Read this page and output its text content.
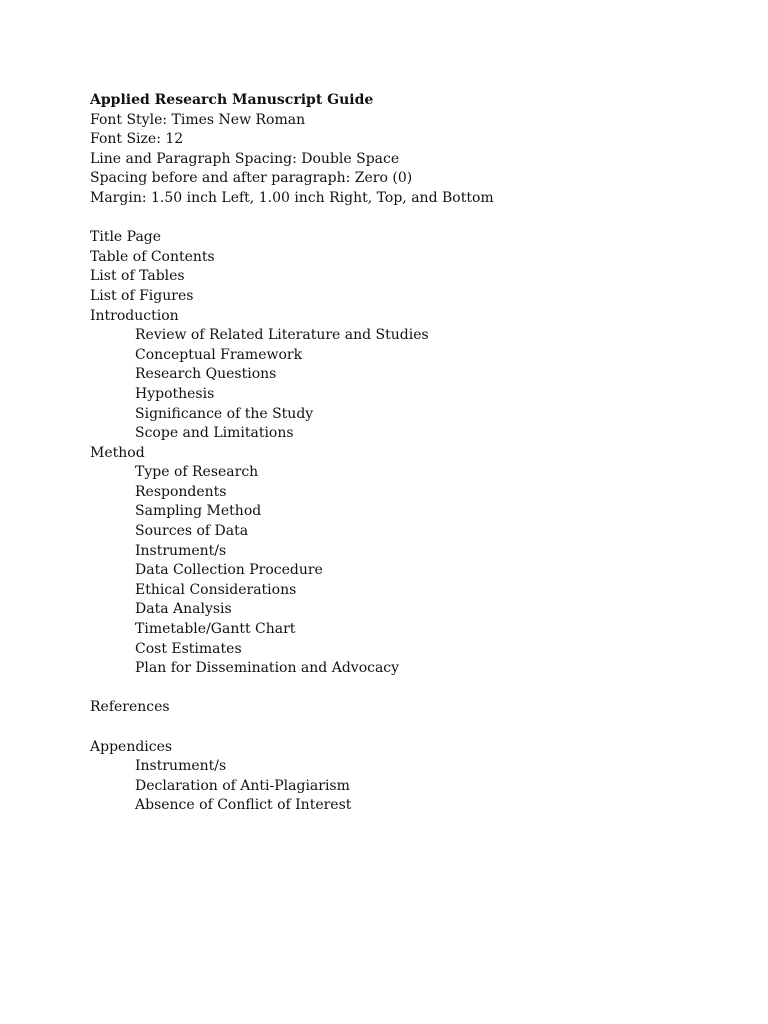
Applied Research Manuscript Guide
Font Style: Times New Roman
Font Size: 12
Line and Paragraph Spacing: Double Space
Spacing before and after paragraph: Zero (0)
Margin: 1.50 inch Left, 1.00 inch Right, Top, and Bottom
Title Page
Table of Contents
List of Tables
List of Figures
Introduction
Review of Related Literature and Studies
Conceptual Framework
Research Questions
Hypothesis
Significance of the Study
Scope and Limitations
Method
Type of Research
Respondents
Sampling Method
Sources of Data
Instrument/s
Data Collection Procedure
Ethical Considerations
Data Analysis
Timetable/Gantt Chart
Cost Estimates
Plan for Dissemination and Advocacy
References
Appendices
Instrument/s
Declaration of Anti-Plagiarism
Absence of Conflict of Interest
